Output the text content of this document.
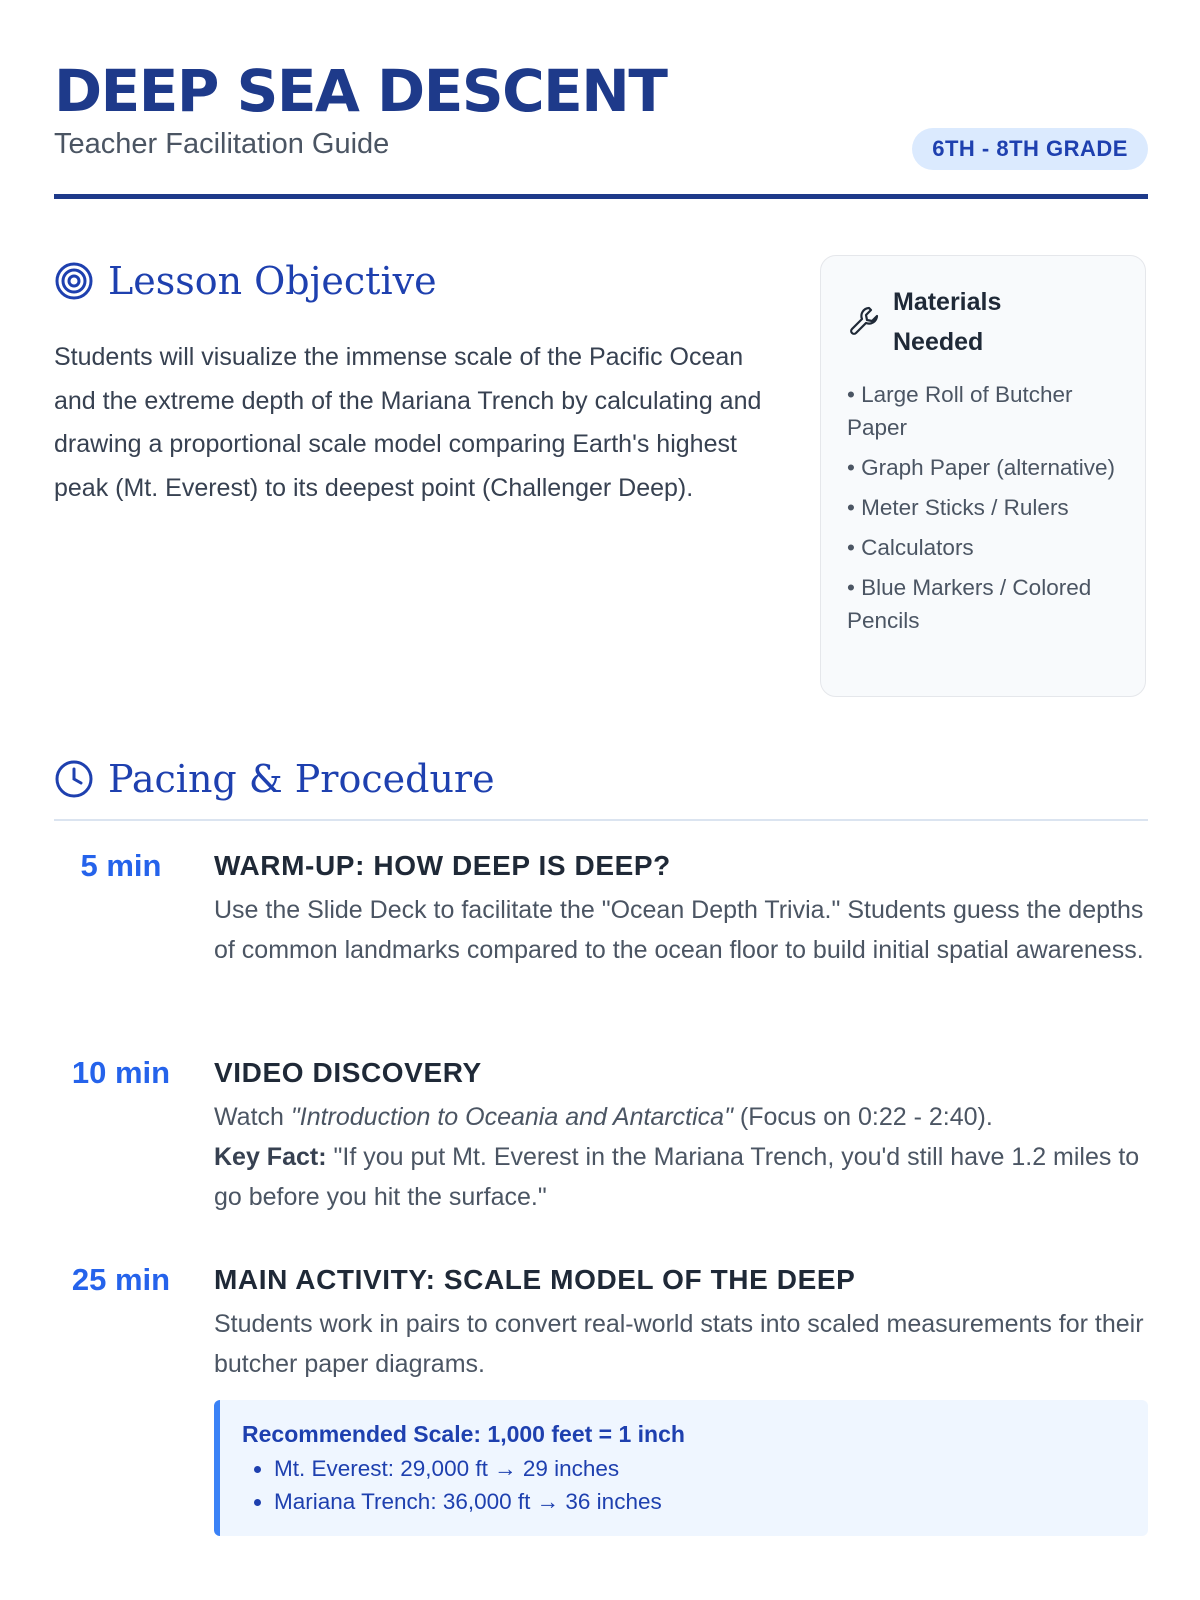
DEEP SEA DESCENT
Teacher Facilitation Guide	6TH - 8TH GRADE
Lesson Objective

Students will visualize the immense scale of the Pacific Ocean and the extreme depth of the Mariana Trench by calculating and drawing a proportional scale model comparing Earth's highest peak (Mt. Everest) to its deepest point (Challenger Deep).

Materials Needed
• Large Roll of Butcher Paper
• Graph Paper (alternative)
• Meter Sticks / Rulers
• Calculators
• Blue Markers / Colored Pencils
Pacing & Procedure
5 min	WARM-UP: HOW DEEP IS DEEP?

Use the Slide Deck to facilitate the "Ocean Depth Trivia." Students guess the depths of common landmarks compared to the ocean floor to build initial spatial awareness.

10 min	VIDEO DISCOVERY

Watch "Introduction to Oceania and Antarctica" (Focus on 0:22 - 2:40).
Key Fact: "If you put Mt. Everest in the Mariana Trench, you'd still have 1.2 miles to go before you hit the surface."

25 min	MAIN ACTIVITY: SCALE MODEL OF THE DEEP

Students work in pairs to convert real-world stats into scaled measurements for their butcher paper diagrams.

Recommended Scale: 1,000 feet = 1 inch

• Mt. Everest: 29,000 ft → 29 inches
• Mariana Trench: 36,000 ft → 36 inches
